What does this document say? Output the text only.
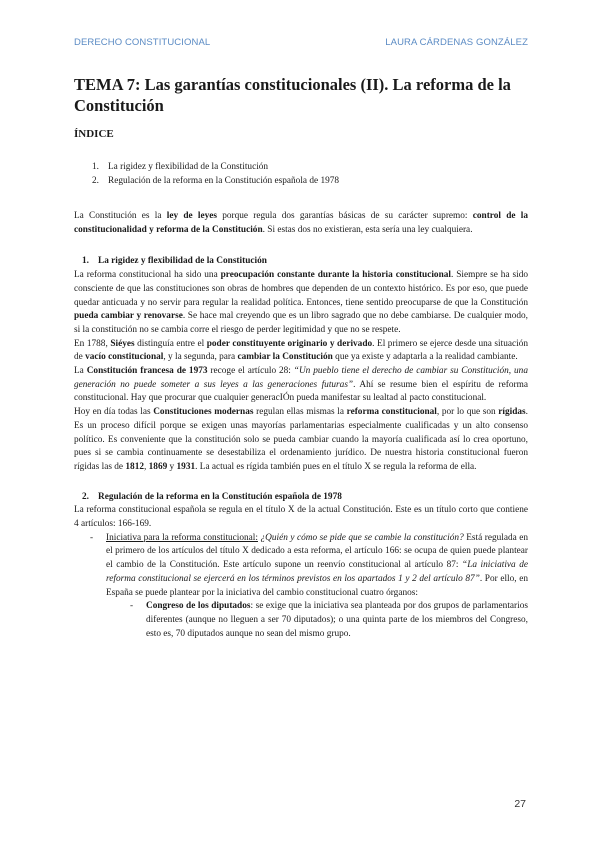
DERECHO CONSTITUCIONAL	LAURA CÁRDENAS GONZÁLEZ
TEMA 7: Las garantías constitucionales (II). La reforma de la Constitución
ÍNDICE
1. La rigidez y flexibilidad de la Constitución
2. Regulación de la reforma en la Constitución española de 1978

La Constitución es la ley de leyes porque regula dos garantías básicas de su carácter supremo: control de la constitucionalidad y reforma de la Constitución. Si estas dos no existieran, esta sería una ley cualquiera.

1. La rigidez y flexibilidad de la Constitución

La reforma constitucional ha sido una preocupación constante durante la historia constitucional. Siempre se ha sido consciente de que las constituciones son obras de hombres que dependen de un contexto histórico. Es por eso, que puede quedar anticuada y no servir para regular la realidad política. Entonces, tiene sentido preocuparse de que la Constitución pueda cambiar y renovarse. Se hace mal creyendo que es un libro sagrado que no debe cambiarse. De cualquier modo, si la constitución no se cambia corre el riesgo de perder legitimidad y que no se respete.

En 1788, Siéyes distinguía entre el poder constituyente originario y derivado. El primero se ejerce desde una situación de vacío constitucional, y la segunda, para cambiar la Constitución que ya existe y adaptarla a la realidad cambiante.

La Constitución francesa de 1973 recoge el artículo 28: “Un pueblo tiene el derecho de cambiar su Constitución, una generación no puede someter a sus leyes a las generaciones futuras”. Ahí se resume bien el espíritu de reforma constitucional. Hay que procurar que cualquier generacIÓn pueda manifestar su lealtad al pacto constitucional.

Hoy en día todas las Constituciones modernas regulan ellas mismas la reforma constitucional, por lo que son rígidas. Es un proceso difícil porque se exigen unas mayorías parlamentarias especialmente cualificadas y un alto consenso político. Es conveniente que la constitución solo se pueda cambiar cuando la mayoría cualificada así lo crea oportuno, pues si se cambia continuamente se desestabiliza el ordenamiento jurídico. De nuestra historia constitucional fueron rígidas las de 1812, 1869 y 1931. La actual es rígida también pues en el título X se regula la reforma de ella.

2. Regulación de la reforma en la Constitución española de 1978

La reforma constitucional española se regula en el título X de la actual Constitución. Este es un título corto que contiene 4 artículos: 166-169.

-	Iniciativa para la reforma constitucional: ¿Quién y cómo se pide que se cambie la constitución? Está regulada en el primero de los artículos del título X dedicado a esta reforma, el artículo 166: se ocupa de quien puede plantear el cambio de la Constitución. Este artículo supone un reenvío constitucional al artículo 87: “La iniciativa de reforma constitucional se ejercerá en los términos previstos en los apartados 1 y 2 del artículo 87”. Por ello, en España se puede plantear por la iniciativa del cambio constitucional cuatro órganos:

-	Congreso de los diputados: se exige que la iniciativa sea planteada por dos grupos de parlamentarios diferentes (aunque no lleguen a ser 70 diputados); o una quinta parte de los miembros del Congreso, esto es, 70 diputados aunque no sean del mismo grupo.

27
